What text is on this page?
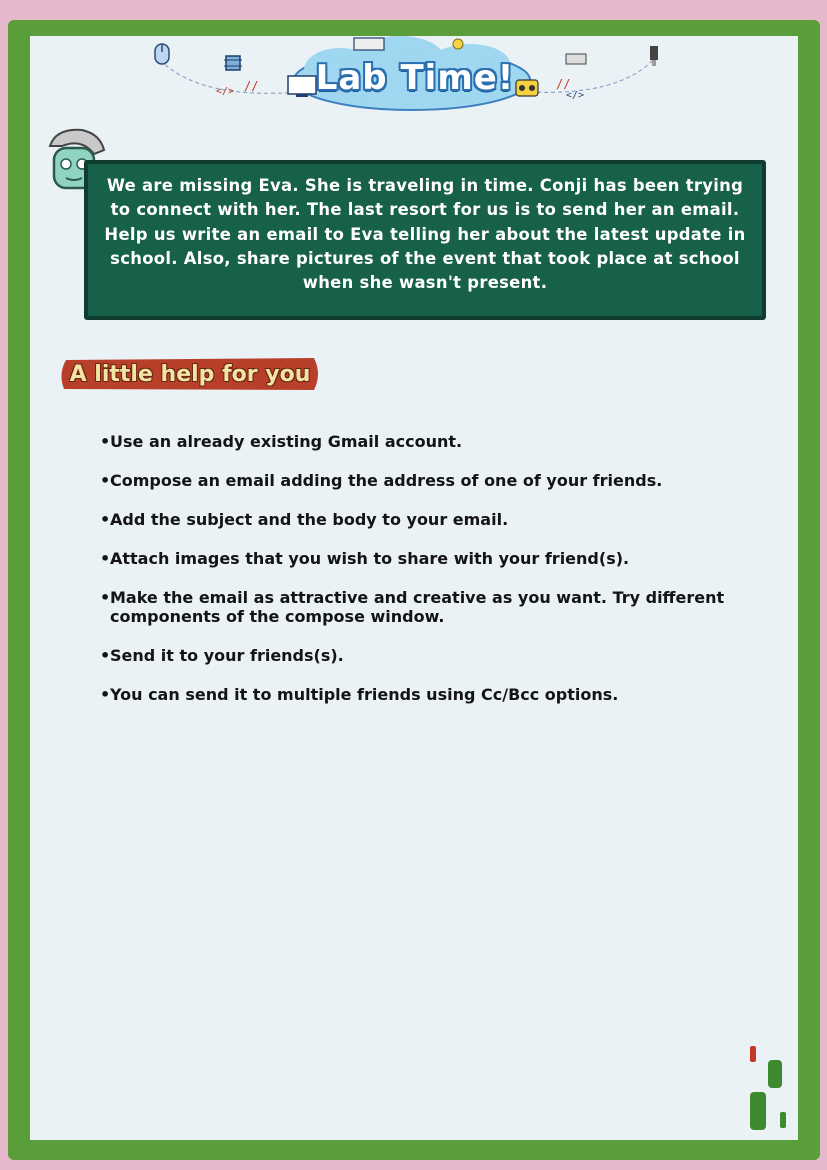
</> //	//
</>
Lab Time!

We are missing Eva. She is traveling in time. Conji has been trying to connect with her. The last resort for us is to send her an email. Help us write an email to Eva telling her about the latest update in school. Also, share pictures of the event that took place at school when she wasn't present.

A little help for you
• Use an already existing Gmail account.
• Compose an email adding the address of one of your friends.
• Add the subject and the body to your email.
• Attach images that you wish to share with your friend(s).
• Make the email as attractive and creative as you want. Try different components of the compose window.
• Send it to your friends(s).
• You can send it to multiple friends using Cc/Bcc options.
